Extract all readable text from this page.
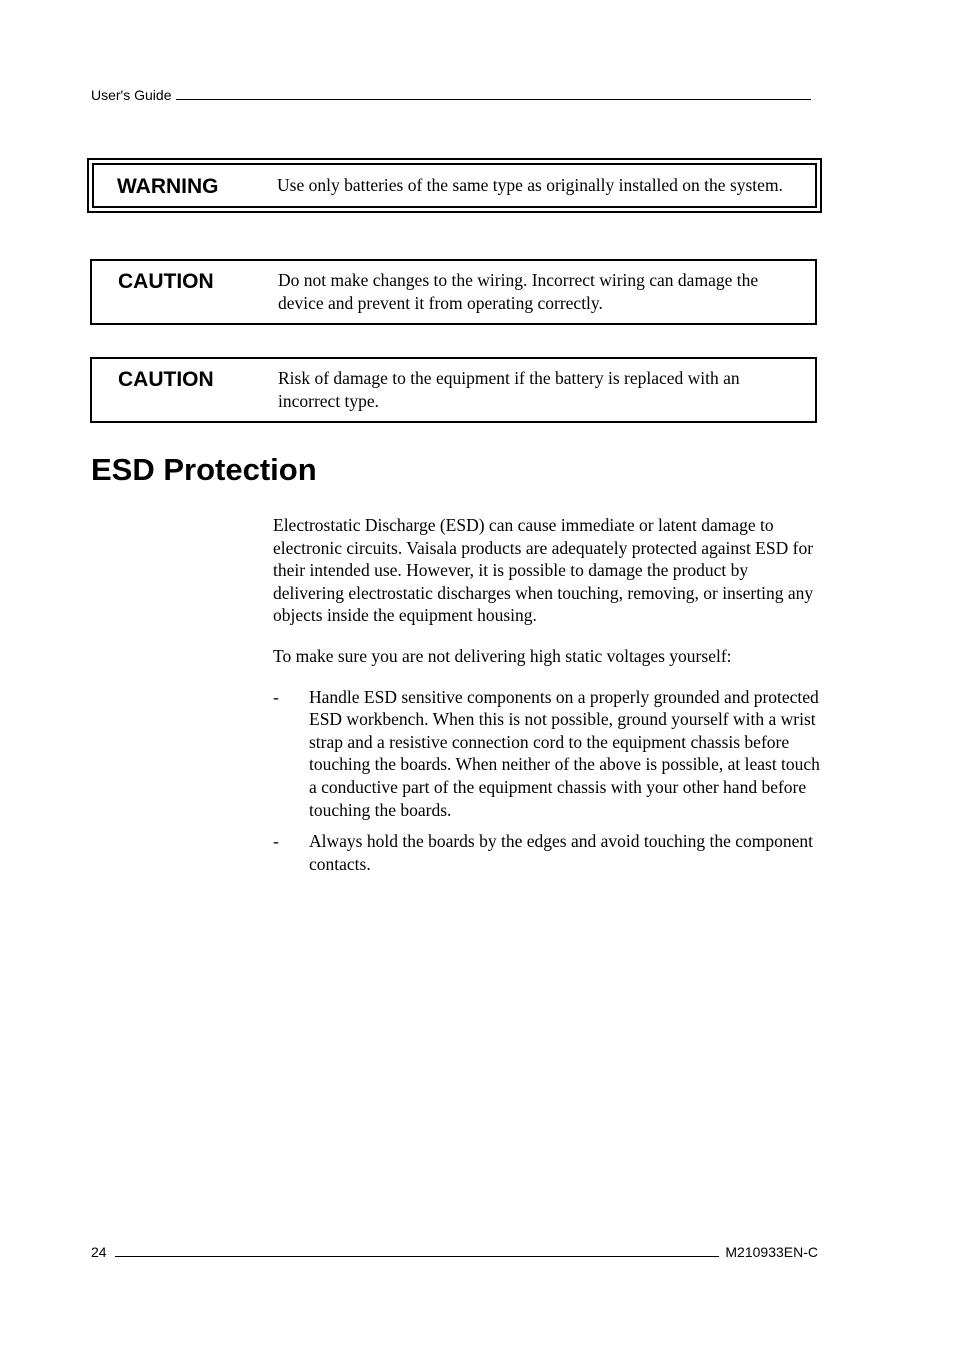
User's Guide
WARNING	Use only batteries of the same type as originally installed on the system.
CAUTION	Do not make changes to the wiring. Incorrect wiring can damage the device and prevent it from operating correctly.
CAUTION	Risk of damage to the equipment if the battery is replaced with an incorrect type.
ESD Protection

Electrostatic Discharge (ESD) can cause immediate or latent damage to electronic circuits. Vaisala products are adequately protected against ESD for their intended use. However, it is possible to damage the product by delivering electrostatic discharges when touching, removing, or inserting any objects inside the equipment housing.

To make sure you are not delivering high static voltages yourself:

-	Handle ESD sensitive components on a properly grounded and protected ESD workbench. When this is not possible, ground yourself with a wrist strap and a resistive connection cord to the equipment chassis before touching the boards. When neither of the above is possible, at least touch a conductive part of the equipment chassis with your other hand before touching the boards.
-	Always hold the boards by the edges and avoid touching the component contacts.
24	M210933EN-C
